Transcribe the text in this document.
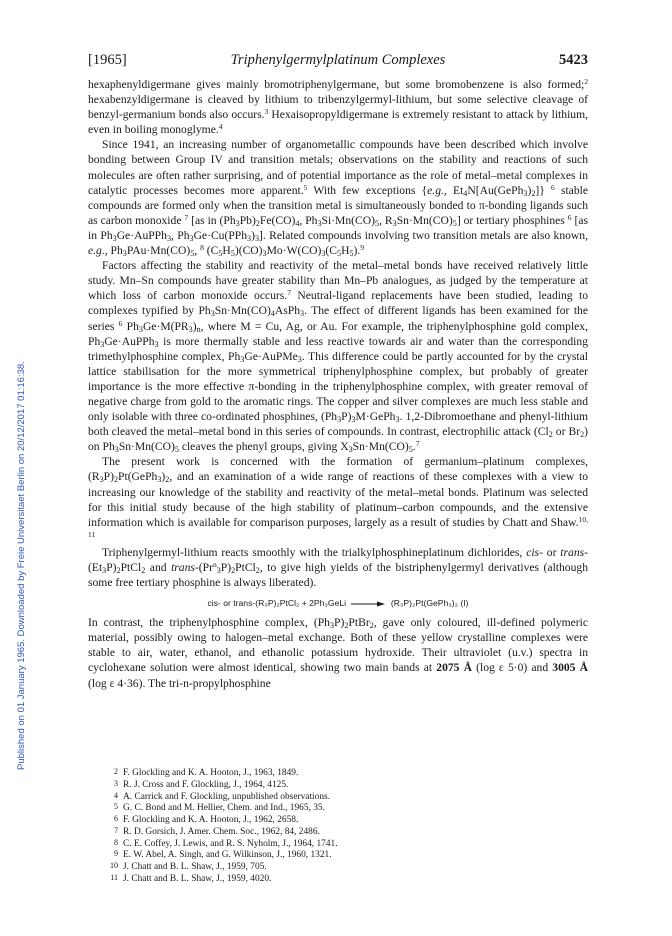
Published on 01 January 1965. Downloaded by Freie Universitaet Berlin on 20/12/2017 01:16:38.
[1965]	Triphenylgermylplatinum Complexes	5423

hexaphenyldigermane gives mainly bromotriphenylgermane, but some bromobenzene is also formed;$^2$ hexabenzyldigermane is cleaved by lithium to tribenzylgermyl-lithium, but some selective cleavage of benzyl-germanium bonds also occurs.$^3$ Hexaisopropyldigermane is extremely resistant to attack by lithium, even in boiling monoglyme.$^4$

Since 1941, an increasing number of organometallic compounds have been described which involve bonding between Group IV and transition metals; observations on the stability and reactions of such molecules are often rather surprising, and of potential importance as the role of metal–metal complexes in catalytic processes becomes more apparent.$^5$ With few exceptions {e.g., $Et_4N[Au(GePh_3)_2]$} $^6$ stable compounds are formed only when the transition metal is simultaneously bonded to π-bonding ligands such as carbon monoxide $^7$ [as in $(Ph_3Pb)_2Fe(CO)_4$, $Ph_3Si\cdot Mn(CO)_5$, $R_3Sn\cdot Mn(CO)_5$] or tertiary phosphines $^6$ [as in $Ph_3Ge\cdot AuPPh_3$, $Ph_3Ge\cdot Cu(PPh_3)_3$]. Related compounds involving two transition metals are also known, e.g., $Ph_3PAu\cdot Mn(CO)_5$, $^8$ $(C_5H_5)(CO)_3Mo\cdot W(CO)_3(C_5H_5).^9$

Factors affecting the stability and reactivity of the metal–metal bonds have received relatively little study. Mn–Sn compounds have greater stability than Mn–Pb analogues, as judged by the temperature at which loss of carbon monoxide occurs.$^7$ Neutral-ligand replacements have been studied, leading to complexes typified by $Ph_3Sn\cdot Mn(CO)_4AsPh_3$. The effect of different ligands has been examined for the series $^6$ $Ph_3Ge\cdot M(PR_3)_n$, where M = Cu, Ag, or Au. For example, the triphenylphosphine gold complex, $Ph_3Ge\cdot AuPPh_3$ is more thermally stable and less reactive towards air and water than the corresponding trimethylphosphine complex, $Ph_3Ge\cdot AuPMe_3$. This difference could be partly accounted for by the crystal lattice stabilisation for the more symmetrical triphenylphosphine complex, but probably of greater importance is the more effective π-bonding in the triphenylphosphine complex, with greater removal of negative charge from gold to the aromatic rings. The copper and silver complexes are much less stable and only isolable with three co-ordinated phosphines, $(Ph_3P)_3M\cdot GePh_3$. 1,2-Dibromoethane and phenyl-lithium both cleaved the metal–metal bond in this series of compounds. In contrast, electrophilic attack ($Cl_2$ or $Br_2$) on $Ph_3Sn\cdot Mn(CO)_5$ cleaves the phenyl groups, giving $X_3Sn\cdot Mn(CO)_5.^7$

The present work is concerned with the formation of germanium–platinum complexes, $(R_3P)_2Pt(GePh_3)_2$, and an examination of a wide range of reactions of these complexes with a view to increasing our knowledge of the stability and reactivity of the metal–metal bonds. Platinum was selected for this initial study because of the high stability of platinum–carbon compounds, and the extensive information which is available for comparison purposes, largely as a result of studies by Chatt and Shaw.$^{10, 11}$

Triphenylgermyl-lithium reacts smoothly with the trialkylphosphineplatinum dichlorides, cis- or trans-$(Et_3P)_2PtCl_2$ and trans-$(Pr^n_3P)_2PtCl_2$, to give high yields of the bistriphenylgermyl derivatives (although some free tertiary phosphine is always liberated).

cis- or trans-(R₃P)₂PtCl₂ + 2Ph₃GeLi → (R₃P)₂Pt(GePh₃)₂ (I)

In contrast, the triphenylphosphine complex, $(Ph_3P)_2PtBr_2$, gave only coloured, ill-defined polymeric material, possibly owing to halogen–metal exchange. Both of these yellow crystalline complexes were stable to air, water, ethanol, and ethanolic potassium hydroxide. Their ultraviolet (u.v.) spectra in cyclohexane solution were almost identical, showing two main bands at 2075 Å (log ε 5·0) and 3005 Å (log ε 4·36). The tri-n-propylphosphine

2 F. Glockling and K. A. Hooton, J., 1963, 1849.
3 R. J. Cross and F. Glockling, J., 1964, 4125.
4 A. Carrick and F. Glockling, unpublished observations.
5 G. C. Bond and M. Hellier, Chem. and Ind., 1965, 35.
6 F. Glockling and K. A. Hooton, J., 1962, 2658.
7 R. D. Gorsich, J. Amer. Chem. Soc., 1962, 84, 2486.
8 C. E. Coffey, J. Lewis, and R. S. Nyholm, J., 1964, 1741.
9 E. W. Abel, A. Singh, and G. Wilkinson, J., 1960, 1321.
10 J. Chatt and B. L. Shaw, J., 1959, 705.
11 J. Chatt and B. L. Shaw, J., 1959, 4020.
